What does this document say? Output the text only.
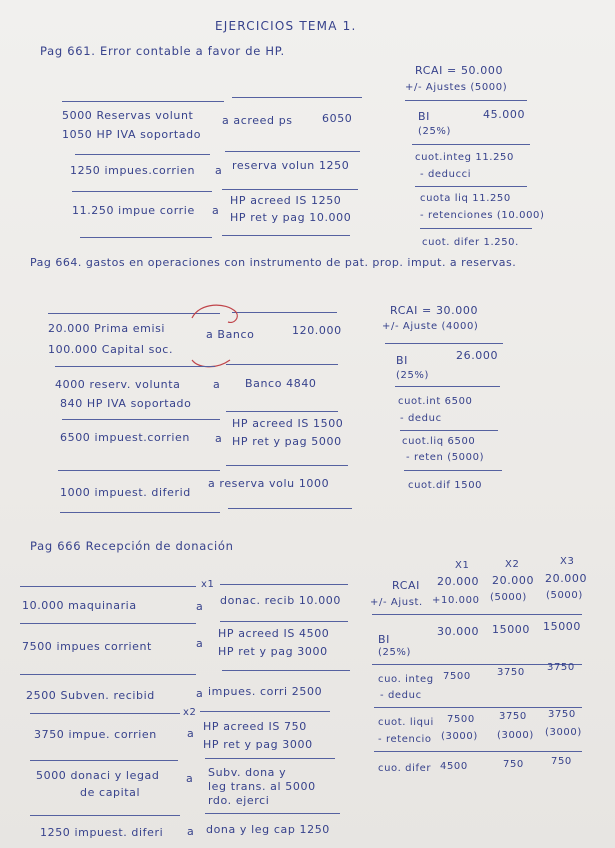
EJERCICIOS TEMA 1.
Pag 661. Error contable a favor de HP.
5000 Reservas volunt
1050 HP IVA soportado
a acreed ps	6050
1250 impues.corrien a reserva volun 1250
11.250 impue corrie a
HP acreed IS 1250
HP ret y pag 10.000
RCAI = 50.000
+/- Ajustes (5000)
BI	45.000
(25%)
cuot.integ 11.250
- deducci
cuota liq 11.250
- retenciones (10.000)
cuot. difer 1.250.
Pag 664. gastos en operaciones con instrumento de pat. prop. imput. a reservas.
20.000 Prima emisi
100.000 Capital soc.
a Banco	120.000
4000 reserv. volunta
840 HP IVA soportado
a Banco 4840
6500 impuest.corrien a
HP acreed IS 1500
HP ret y pag 5000
1000 impuest. diferid
a reserva volu 1000
RCAI = 30.000
+/- Ajuste (4000)
BI	26.000
(25%)
cuot.int 6500
- deduc
cuot.liq 6500
- reten (5000)
cuot.dif 1500
Pag 666 Recepción de donación
x1
10.000 maquinaria	a donac. recib 10.000
7500 impues corrient	a
HP acreed IS 4500
HP ret y pag 3000
2500 Subven. recibid	a impues. corri 2500
x2
3750 impue. corrien	a
HP acreed IS 750
HP ret y pag 3000
5000 donaci y legad
de capital
a Subv. dona y
leg trans. al 5000
rdo. ejerci
1250 impuest. diferi a dona y leg cap 1250
X1	X2	X3
RCAI 20.000 20.000 20.000
+/- Ajust. +10.000 (5000) (5000)
BI
30.000 15000 15000
(25%)
cuo. integ 7500	3750 3750
- deduc
cuot. liqui 7500 3750 3750
- retencio (3000) (3000) (3000)
cuo. difer 4500	750	750
